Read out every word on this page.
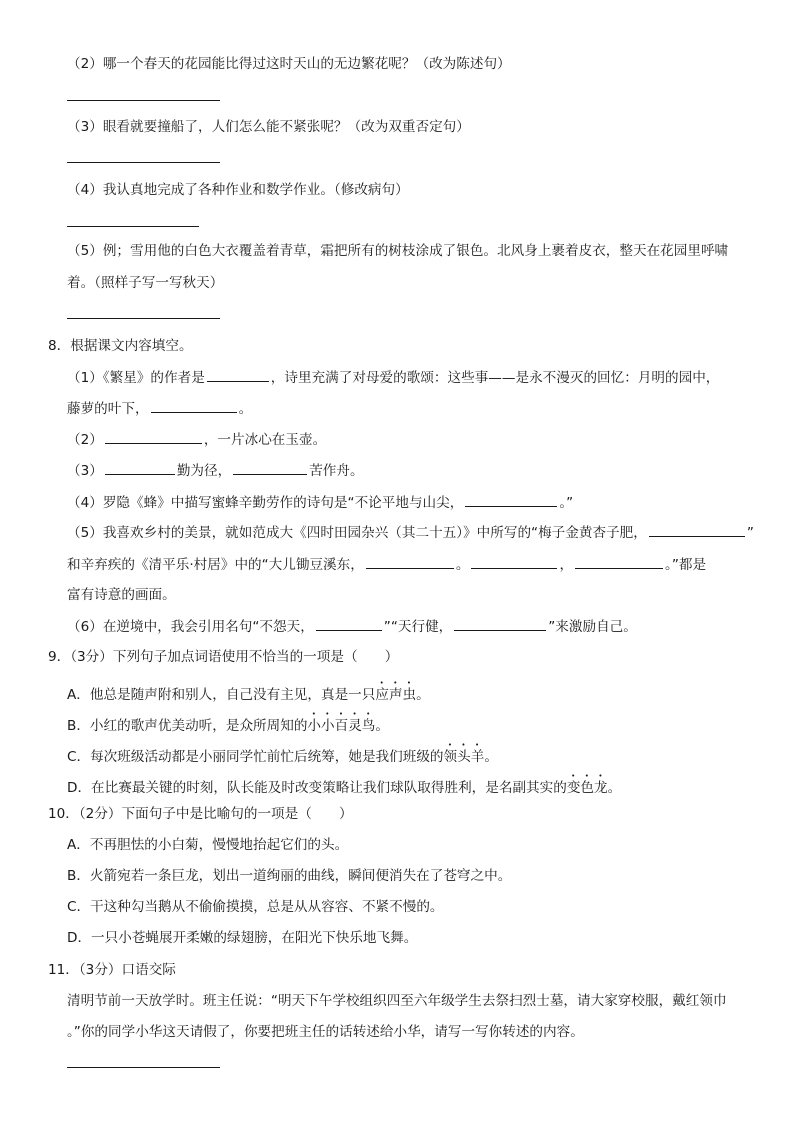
（2）哪一个春天的花园能比得过这时天山的无边繁花呢？（改为陈述句）
（3）眼看就要撞船了，人们怎么能不紧张呢？（改为双重否定句）
（4）我认真地完成了各种作业和数学作业。（修改病句）
（5）例；雪用他的白色大衣覆盖着青草，霜把所有的树枝涂成了银色。北风身上裹着皮衣，整天在花园里呼啸
着。（照样子写一写秋天）
8．根据课文内容填空。
（1）《繁星》的作者是	，诗里充满了对母爱的歌颂：这些事——是永不漫灭的回忆：月明的园中，
藤萝的叶下，	。
（2）	，一片冰心在玉壶。
（3）	勤为径，	苦作舟。
（4）罗隐《蜂》中描写蜜蜂辛勤劳作的诗句是“不论平地与山尖，	。”
（5）我喜欢乡村的美景，就如范成大《四时田园杂兴（其二十五）》中所写的“梅子金黄杏子肥，	”
和辛弃疾的《清平乐·村居》中的“大儿锄豆溪东，	。	，	。”都是
富有诗意的画面。
（6）在逆境中，我会引用名句“不怨天，	”“天行健，	”来激励自己。
9．（3分）下列句子加点词语使用不恰当的一项是（　　）
A．他总是随声附和别人，自己没有主见，真是一只应声虫。
B．小红的歌声优美动听，是众所周知的小小百灵鸟。
C．每次班级活动都是小丽同学忙前忙后统筹，她是我们班级的领头羊。
D．在比赛最关键的时刻，队长能及时改变策略让我们球队取得胜利，是名副其实的变色龙。
10．（2分）下面句子中是比喻句的一项是（　　）
A．不再胆怯的小白菊，慢慢地抬起它们的头。
B．火箭宛若一条巨龙，划出一道绚丽的曲线，瞬间便消失在了苍穹之中。
C．干这种勾当鹅从不偷偷摸摸，总是从从容容、不紧不慢的。
D．一只小苍蝇展开柔嫩的绿翅膀，在阳光下快乐地飞舞。
11．（3分）口语交际
清明节前一天放学时。班主任说：“明天下午学校组织四至六年级学生去祭扫烈士墓，请大家穿校服，戴红领巾
。”你的同学小华这天请假了，你要把班主任的话转述给小华，请写一写你转述的内容。
